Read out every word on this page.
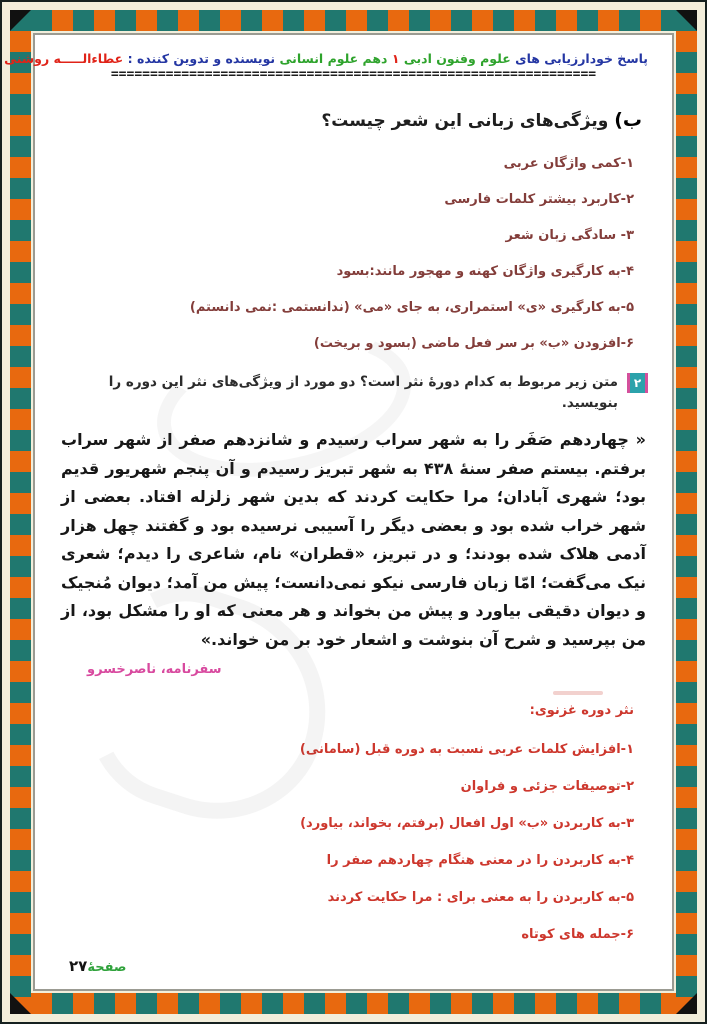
پاسخ خودارزیابی های علوم وفنون ادبی ۱ دهم علوم انسانی نویسنده و تدوین کننده : عطاءالـــــه روشنی
==============================================================
ب) ویژگی‌های زبانی این شعر چیست؟
۱-کمی واژگان عربی
۲-کاربرد بیشتر کلمات فارسی
۳- سادگی زبان شعر
۴-به کارگیری واژگان کهنه و مهجور مانند:بسود
۵-به کارگیری «ی» استمراری، به جای «می» (ندانستمی :نمی دانستم)
۶-افزودن «ب» بر سر فعل ماضی (بسود و بریخت)
۲
متن زیر مربوط به کدام دورهٔ نثر است؟ دو مورد از ویژگی‌های نثر این دوره را بنویسید.

« چهاردهم صَفَر را به شهر سراب رسیدم و شانزدهم صفر از شهر سراب برفتم. بیستم صفر سنهٔ ۴۳۸ به شهر تبریز رسیدم و آن پنجم شهریور قدیم بود؛ شهری آبادان؛ مرا حکایت کردند که بدین شهر زلزله افتاد. بعضی از شهر خراب شده بود و بعضی دیگر را آسیبی نرسیده بود و گفتند چهل هزار آدمی هلاک شده بودند؛ و در تبریز، «قطران» نام، شاعری را دیدم؛ شعری نیک می‌گفت؛ امّا زبان فارسی نیکو نمی‌دانست؛ پیش من آمد؛ دیوان مُنجیک و دیوان دقیقی بیاورد و پیش من بخواند و هر معنی که او را مشکل بود، از من بپرسید و شرح آن بنوشت و اشعار خود بر من خواند.»

سفرنامه، ناصرخسرو
نثر دوره غزنوی:
۱-افزایش کلمات عربی نسبت به دوره قبل (سامانی)
۲-توصیفات جزئی و فراوان
۳-به کاربردن «ب» اول افعال (برفتم، بخواند، بیاورد)
۴-به کاربردن را در معنی هنگام چهاردهم صفر را
۵-به کاربردن را به معنی برای : مرا حکایت کردند
۶-جمله های کوتاه
صفحهٔ۲۷
